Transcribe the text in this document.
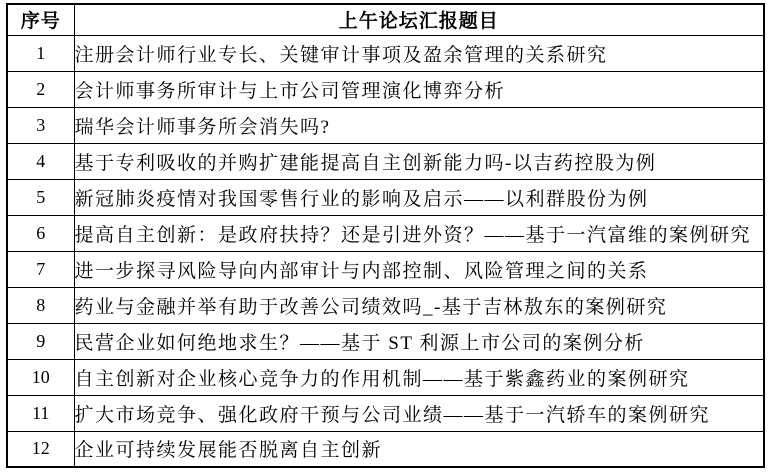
序号	上午论坛汇报题目
1	注册会计师行业专长、关键审计事项及盈余管理的关系研究
2	会计师事务所审计与上市公司管理演化博弈分析
3	瑞华会计师事务所会消失吗?
4	基于专利吸收的并购扩建能提高自主创新能力吗-以吉药控股为例
5	新冠肺炎疫情对我国零售行业的影响及启示——以利群股份为例
6	提高自主创新：是政府扶持？还是引进外资？——基于一汽富维的案例研究
7	进一步探寻风险导向内部审计与内部控制、风险管理之间的关系
8	药业与金融并举有助于改善公司绩效吗_-基于吉林敖东的案例研究
9	民营企业如何绝地求生？——基于 ST 利源上市公司的案例分析
10	自主创新对企业核心竞争力的作用机制——基于紫鑫药业的案例研究
11	扩大市场竞争、强化政府干预与公司业绩——基于一汽轿车的案例研究
12	企业可持续发展能否脱离自主创新
